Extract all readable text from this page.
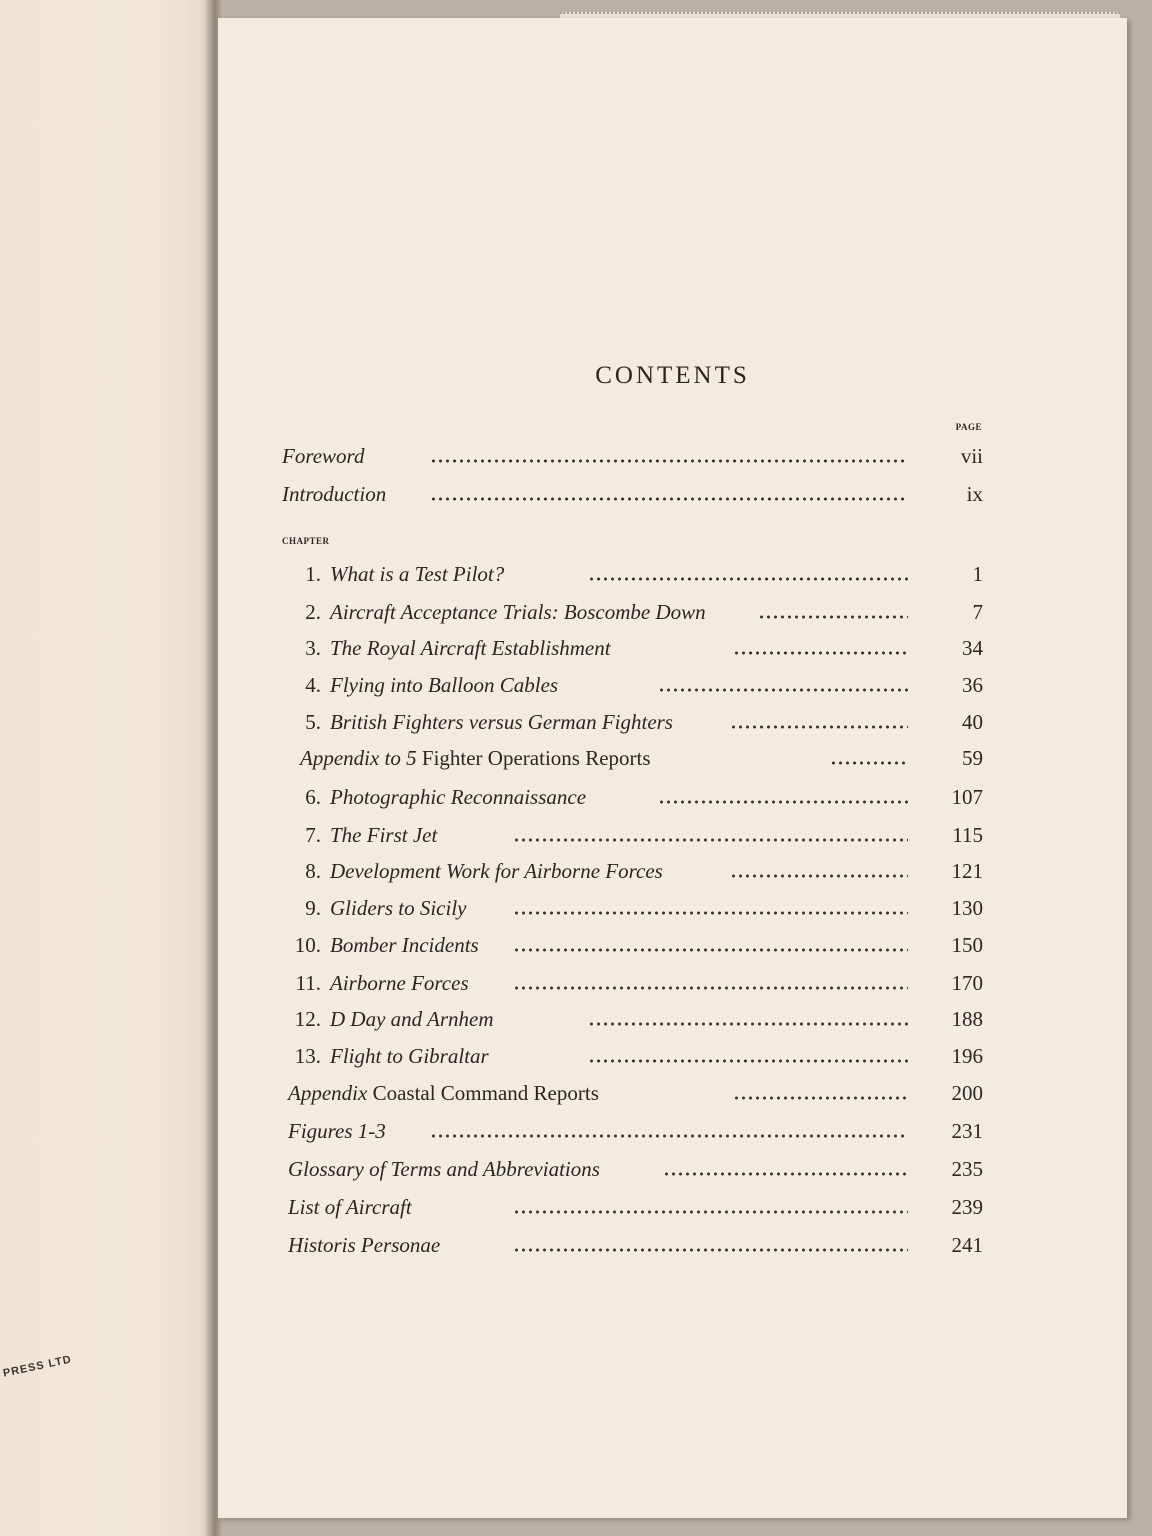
PRESS LTD
CONTENTS
PAGE
CHAPTER
Foreword	vii
Introduction	ix
1. What is a Test Pilot?	1
2. Aircraft Acceptance Trials: Boscombe Down	7
3. The Royal Aircraft Establishment	34
4. Flying into Balloon Cables	36
5. British Fighters versus German Fighters	40
Appendix to 5 Fighter Operations Reports	59
6. Photographic Reconnaissance	107
7. The First Jet	115
8. Development Work for Airborne Forces	121
9. Gliders to Sicily	130
10. Bomber Incidents	150
11. Airborne Forces	170
12. D Day and Arnhem	188
13. Flight to Gibraltar	196
Appendix Coastal Command Reports	200
Figures 1-3	231
Glossary of Terms and Abbreviations	235
List of Aircraft	239
Historis Personae	241
